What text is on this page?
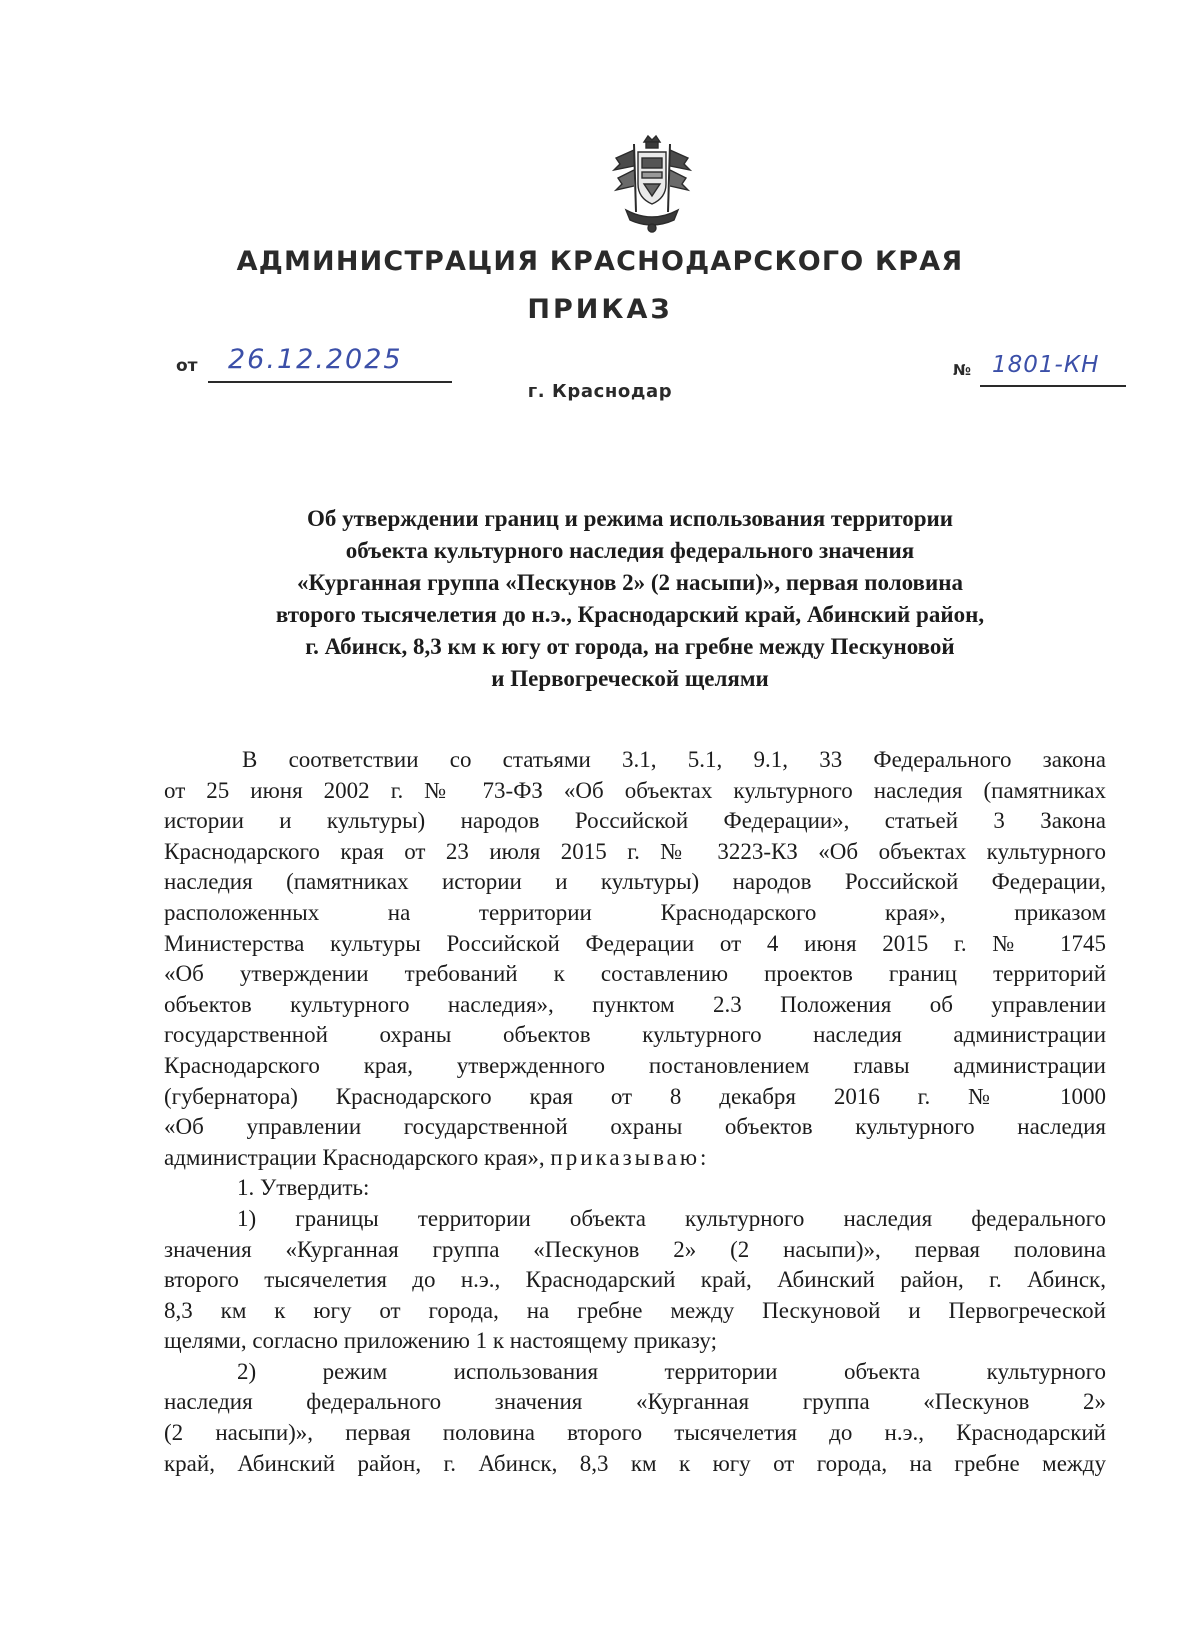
АДМИНИСТРАЦИЯ КРАСНОДАРСКОГО КРАЯ
ПРИКАЗ
от 26.12.2025
г. Краснодар
№ 1801-КН
Об утверждении границ и режима использования территории
объекта культурного наследия федерального значения
«Курганная группа «Пескунов 2» (2 насыпи)», первая половина
второго тысячелетия до н.э., Краснодарский край, Абинский район,
г. Абинск, 8,3 км к югу от города, на гребне между Пескуновой
и Первогреческой щелями
В соответствии со статьями 3.1, 5.1, 9.1, 33 Федерального закона
от 25 июня 2002 г. № 73-ФЗ «Об объектах культурного наследия (памятниках
истории и культуры) народов Российской Федерации», статьей 3 Закона
Краснодарского края от 23 июля 2015 г. № 3223-КЗ «Об объектах культурного
наследия (памятниках истории и культуры) народов Российской Федерации,
расположенных на территории Краснодарского края», приказом
Министерства культуры Российской Федерации от 4 июня 2015 г. № 1745
«Об утверждении требований к составлению проектов границ территорий
объектов культурного наследия», пунктом 2.3 Положения об управлении
государственной охраны объектов культурного наследия администрации
Краснодарского края, утвержденного постановлением главы администрации
(губернатора) Краснодарского края от 8 декабря 2016 г. № 1000
«Об управлении государственной охраны объектов культурного наследия
администрации Краснодарского края», приказываю:
1. Утвердить:
1) границы территории объекта культурного наследия федерального
значения «Курганная группа «Пескунов 2» (2 насыпи)», первая половина
второго тысячелетия до н.э., Краснодарский край, Абинский район, г. Абинск,
8,3 км к югу от города, на гребне между Пескуновой и Первогреческой
щелями, согласно приложению 1 к настоящему приказу;
2) режим использования территории объекта культурного
наследия федерального значения «Курганная группа «Пескунов 2»
(2 насыпи)», первая половина второго тысячелетия до н.э., Краснодарский
край, Абинский район, г. Абинск, 8,3 км к югу от города, на гребне между
